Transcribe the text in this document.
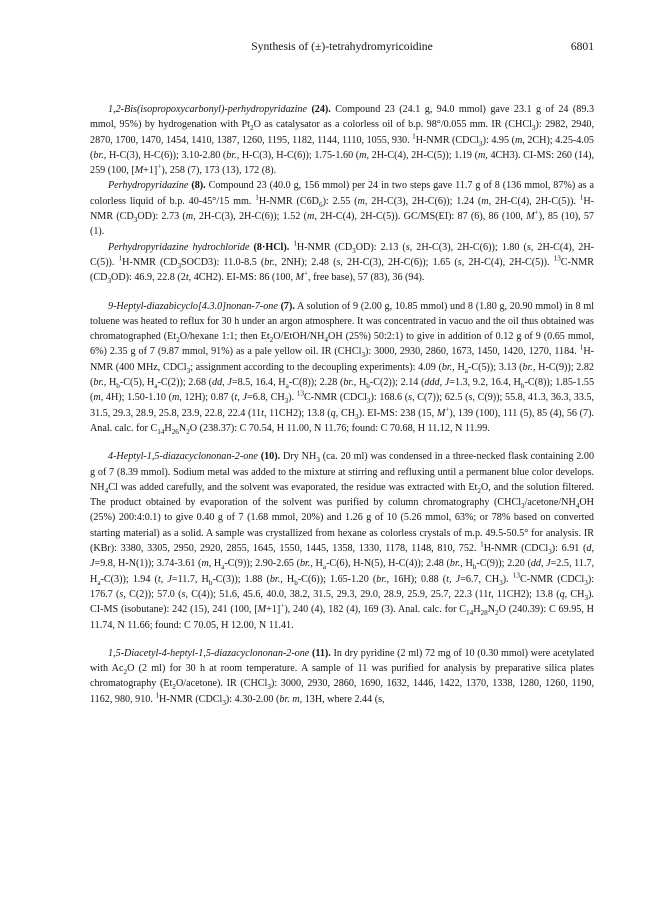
Synthesis of (±)-tetrahydromyricoidine	6801

1,2-Bis(isopropoxycarbonyl)-perhydropyridazine (24). Compound 23 (24.1 g, 94.0 mmol) gave 23.1 g of 24 (89.3 mmol, 95%) by hydrogenation with $Pt_2O$ as catalysator as a colorless oil of b.p. 98°/0.055 mm. IR (CHCl$_3$): 2982, 2940, 2870, 1700, 1470, 1454, 1410, 1387, 1260, 1195, 1182, 1144, 1110, 1055, 930. $^1$H-NMR (CDCl$_3$): 4.95 (m, 2CH); 4.25-4.05 (br., H-C(3), H-C(6)); 3.10-2.80 (br., H-C(3), H-C(6)); 1.75-1.60 (m, 2H-C(4), 2H-C(5)); 1.19 (m, 4CH3). CI-MS: 260 (14), 259 (100, [M+1]+), 258 (7), 173 (13), 172 (8).

Perhydropyridazine (8). Compound 23 (40.0 g, 156 mmol) per 24 in two steps gave 11.7 g of 8 (136 mmol, 87%) as a colorless liquid of b.p. 40-45°/15 mm. $^1$H-NMR $(C6D_6)$: 2.55 (m, 2H-C(3), 2H-C(6)); 1.24 (m, 2H-C(4), 2H-C(5)). $^1$H-NMR $(CD_3OD)$: 2.73 (m, 2H-C(3), 2H-C(6)); 1.52 (m, 2H-C(4), 2H-C(5)). GC/MS(EI): 87 (6), 86 (100, M+), 85 (10), 57 (1).

Perhydropyridazine hydrochloride (8·HCl). $^1$H-NMR $(CD_3OD)$: 2.13 (s, 2H-C(3), 2H-C(6)); 1.80 (s, 2H-C(4), 2H-C(5)). $^1$H-NMR $(CD_3SOCD3)$: 11.0-8.5 (br., 2NH); 2.48 (s, 2H-C(3), 2H-C(6)); 1.65 (s, 2H-C(4), 2H-C(5)). $^{13}$C-NMR $(CD_3OD)$: 46.9, 22.8 (2t, 4CH2). EI-MS: 86 (100, M+, free base), 57 (83), 36 (94).

9-Heptyl-diazabicyclo[4.3.0]nonan-7-one (7). A solution of 9 (2.00 g, 10.85 mmol) und 8 (1.80 g, 20.90 mmol) in 8 ml toluene was heated to reflux for 30 h under an argon atmosphere. It was concentrated in vacuo and the oil thus obtained was chromatographed ($Et_2O$/hexane 1:1; then $Et_2O/EtOH/NH_4OH$ (25%) 50:2:1) to give in addition of 0.12 g of 9 (0.65 mmol, 6%) 2.35 g of 7 (9.87 mmol, 91%) as a pale yellow oil. IR (CHCl$_3$): 3000, 2930, 2860, 1673, 1450, 1420, 1270, 1184. $^1$H-NMR (400 MHz, CDCl$_3$; assignment according to the decoupling experiments): 4.09 (br., $H_a-C(5)$); 3.13 (br., H-C(9)); 2.82 (br., $H_b-C(5)$, $H_a-C(2)$); 2.68 (dd, J=8.5, 16.4, $H_a-C(8)$); 2.28 (br., $H_b-C(2)$); 2.14 (ddd, J=1.3, 9.2, 16.4, $H_b-C(8)$); 1.85-1.55 (m, 4H); 1.50-1.10 (m, 12H); 0.87 (t, J=6.8, $CH_3$). $^{13}$C-NMR (CDCl$_3$): 168.6 (s, C(7)); 62.5 (s, C(9)); 55.8, 41.3, 36.3, 33.5, 31.5, 29.3, 28.9, 25.8, 23.9, 22.8, 22.4 (11t, 11CH2); 13.8 (q, $CH_3$). EI-MS: 238 (15, M+), 139 (100), 111 (5), 85 (4), 56 (7). Anal. calc. for $C_{14}H_{26}N_2O$ (238.37): C 70.54, H 11.00, N 11.76; found: C 70.68, H 11.12, N 11.99.

4-Heptyl-1,5-diazacyclononan-2-one (10). Dry $NH_3$ (ca. 20 ml) was condensed in a three-necked flask containing 2.00 g of 7 (8.39 mmol). Sodium metal was added to the mixture at stirring and refluxing until a permanent blue color develops. $NH_4Cl$ was added carefully, and the solvent was evaporated, the residue was extracted with $Et_2O$, and the solution filtered. The product obtained by evaporation of the solvent was purified by column chromatography ($CHCl_3/acetone/NH_4OH$ (25%) 200:4:0.1) to give 0.40 g of 7 (1.68 mmol, 20%) and 1.26 g of 10 (5.26 mmol, 63%; or 78% based on converted starting material) as a solid. A sample was crystallized from hexane as colorless crystals of m.p. 49.5-50.5° for analysis. IR (KBr): 3380, 3305, 2950, 2920, 2855, 1645, 1550, 1445, 1358, 1330, 1178, 1148, 810, 752. $^1$H-NMR (CDCl$_3$): 6.91 (d, J=9.8, H-N(1)); 3.74-3.61 (m, $H_a-C(9)$); 2.90-2.65 (br., $H_a-C(6)$, H-N(5), H-C(4)); 2.48 (br., $H_b-C(9)$); 2.20 (dd, J=2.5, 11.7, $H_a-C(3)$); 1.94 (t, J=11.7, $H_b-C(3)$); 1.88 (br., $H_b-C(6)$); 1.65-1.20 (br., 16H); 0.88 (t, J=6.7, $CH_3$). $^{13}$C-NMR (CDCl$_3$): 176.7 (s, C(2)); 57.0 (s, C(4)); 51.6, 45.6, 40.0, 38.2, 31.5, 29.3, 29.0, 28.9, 25.9, 25.7, 22.3 (11t, 11CH2); 13.8 (q, $CH_3$). CI-MS (isobutane): 242 (15), 241 (100, [M+1]+), 240 (4), 182 (4), 169 (3). Anal. calc. for $C_{14}H_{28}N_2O$ (240.39): C 69.95, H 11.74, N 11.66; found: C 70.05, H 12.00, N 11.41.

1,5-Diacetyl-4-heptyl-1,5-diazacyclononan-2-one (11). In dry pyridine (2 ml) 72 mg of 10 (0.30 mmol) were acetylated with $Ac_2O$ (2 ml) for 30 h at room temperature. A sample of 11 was purified for analysis by preparative silica plates chromatography $(Et_2O/acetone)$. IR (CHCl$_3$): 3000, 2930, 2860, 1690, 1632, 1446, 1422, 1370, 1338, 1280, 1260, 1190, 1162, 980, 910. $^1$H-NMR (CDCl$_3$): 4.30-2.00 (br. m, 13H, where 2.44 (s,
